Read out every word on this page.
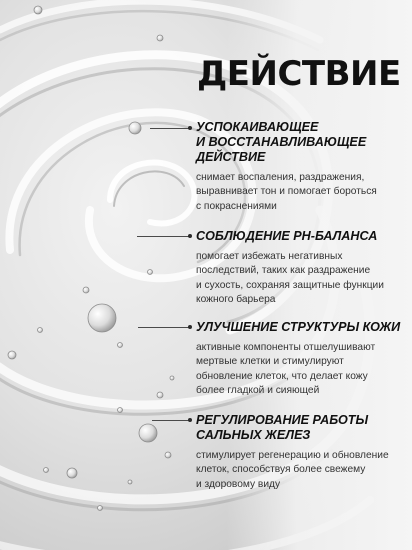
ДЕЙСТВИЕ
УСПОКАИВАЮЩЕЕ
И ВОССТАНАВЛИВАЮЩЕЕ
ДЕЙСТВИЕ

снимает воспаления, раздражения,
выравнивает тон и помогает бороться
с покраснениями

СОБЛЮДЕНИЕ PH-БАЛАНСА

помогает избежать негативных
последствий, таких как раздражение
и сухость, сохраняя защитные функции
кожного барьера

УЛУЧШЕНИЕ СТРУКТУРЫ КОЖИ

активные компоненты отшелушивают
мертвые клетки и стимулируют
обновление клеток, что делает кожу
более гладкой и сияющей

РЕГУЛИРОВАНИЕ РАБОТЫ
САЛЬНЫХ ЖЕЛЕЗ

стимулирует регенерацию и обновление
клеток, способствуя более свежему
и здоровому виду
